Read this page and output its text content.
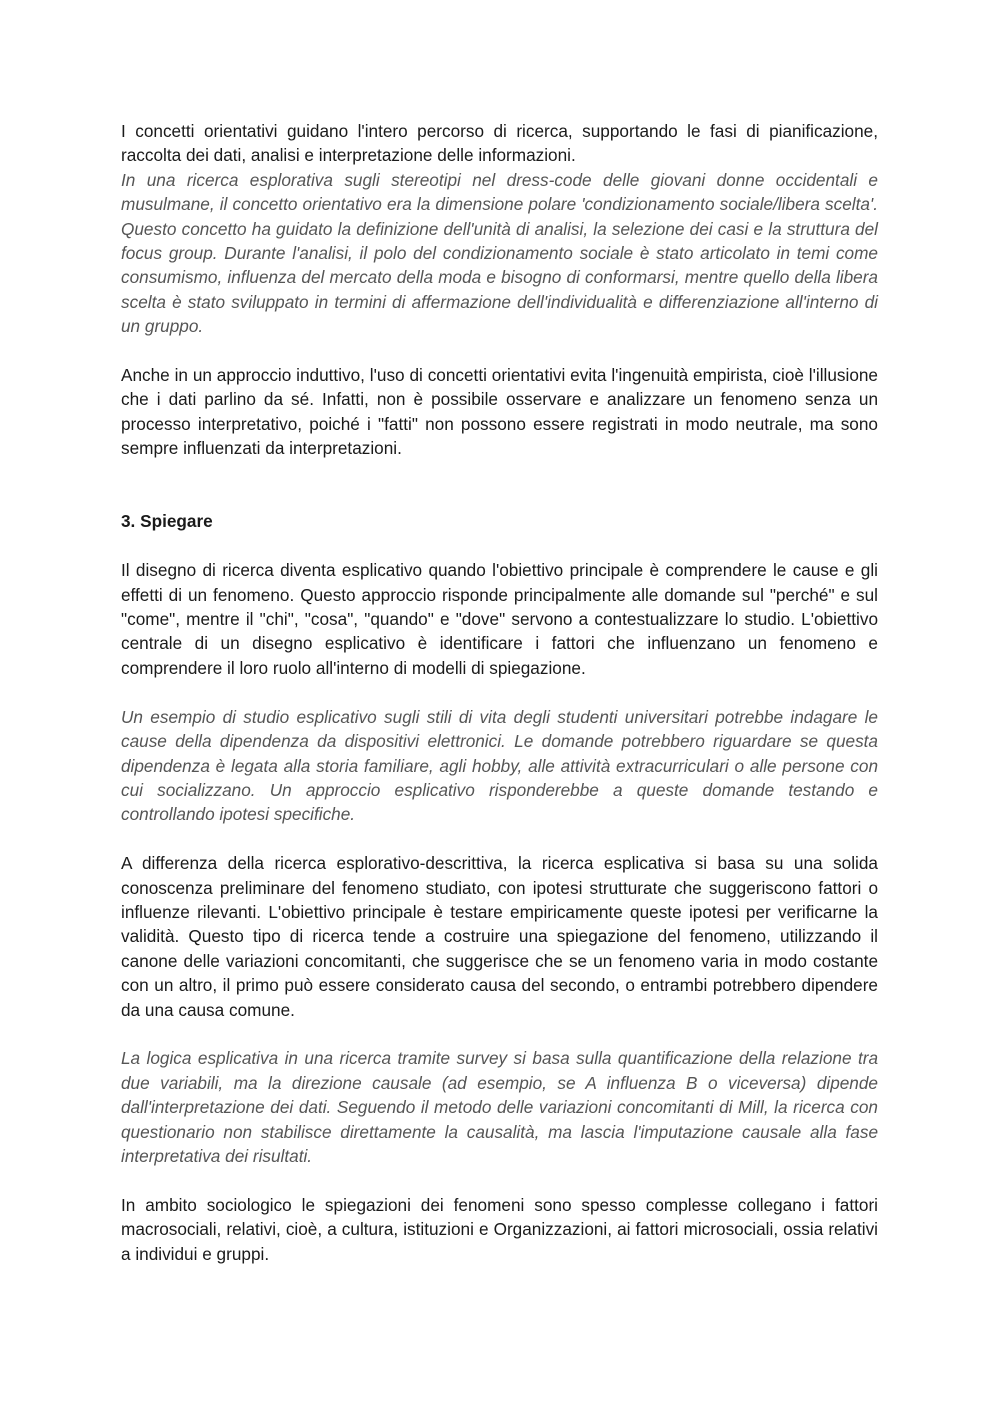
I concetti orientativi guidano l'intero percorso di ricerca, supportando le fasi di pianificazione, raccolta dei dati, analisi e interpretazione delle informazioni.

In una ricerca esplorativa sugli stereotipi nel dress-code delle giovani donne occidentali e musulmane, il concetto orientativo era la dimensione polare 'condizionamento sociale/libera scelta'. Questo concetto ha guidato la definizione dell'unità di analisi, la selezione dei casi e la struttura del focus group. Durante l'analisi, il polo del condizionamento sociale è stato articolato in temi come consumismo, influenza del mercato della moda e bisogno di conformarsi, mentre quello della libera scelta è stato sviluppato in termini di affermazione dell'individualità e differenziazione all'interno di un gruppo.

Anche in un approccio induttivo, l'uso di concetti orientativi evita l'ingenuità empirista, cioè l'illusione che i dati parlino da sé. Infatti, non è possibile osservare e analizzare un fenomeno senza un processo interpretativo, poiché i "fatti" non possono essere registrati in modo neutrale, ma sono sempre influenzati da interpretazioni.

3. Spiegare

Il disegno di ricerca diventa esplicativo quando l'obiettivo principale è comprendere le cause e gli effetti di un fenomeno. Questo approccio risponde principalmente alle domande sul "perché" e sul "come", mentre il "chi", "cosa", "quando" e "dove" servono a contestualizzare lo studio. L'obiettivo centrale di un disegno esplicativo è identificare i fattori che influenzano un fenomeno e comprendere il loro ruolo all'interno di modelli di spiegazione.

Un esempio di studio esplicativo sugli stili di vita degli studenti universitari potrebbe indagare le cause della dipendenza da dispositivi elettronici. Le domande potrebbero riguardare se questa dipendenza è legata alla storia familiare, agli hobby, alle attività extracurriculari o alle persone con cui socializzano. Un approccio esplicativo risponderebbe a queste domande testando e controllando ipotesi specifiche.

A differenza della ricerca esplorativo-descrittiva, la ricerca esplicativa si basa su una solida conoscenza preliminare del fenomeno studiato, con ipotesi strutturate che suggeriscono fattori o influenze rilevanti. L'obiettivo principale è testare empiricamente queste ipotesi per verificarne la validità. Questo tipo di ricerca tende a costruire una spiegazione del fenomeno, utilizzando il canone delle variazioni concomitanti, che suggerisce che se un fenomeno varia in modo costante con un altro, il primo può essere considerato causa del secondo, o entrambi potrebbero dipendere da una causa comune.

La logica esplicativa in una ricerca tramite survey si basa sulla quantificazione della relazione tra due variabili, ma la direzione causale (ad esempio, se A influenza B o viceversa) dipende dall'interpretazione dei dati. Seguendo il metodo delle variazioni concomitanti di Mill, la ricerca con questionario non stabilisce direttamente la causalità, ma lascia l'imputazione causale alla fase interpretativa dei risultati.

In ambito sociologico le spiegazioni dei fenomeni sono spesso complesse collegano i fattori macrosociali, relativi, cioè, a cultura, istituzioni e Organizzazioni, ai fattori microsociali, ossia relativi a individui e gruppi.
